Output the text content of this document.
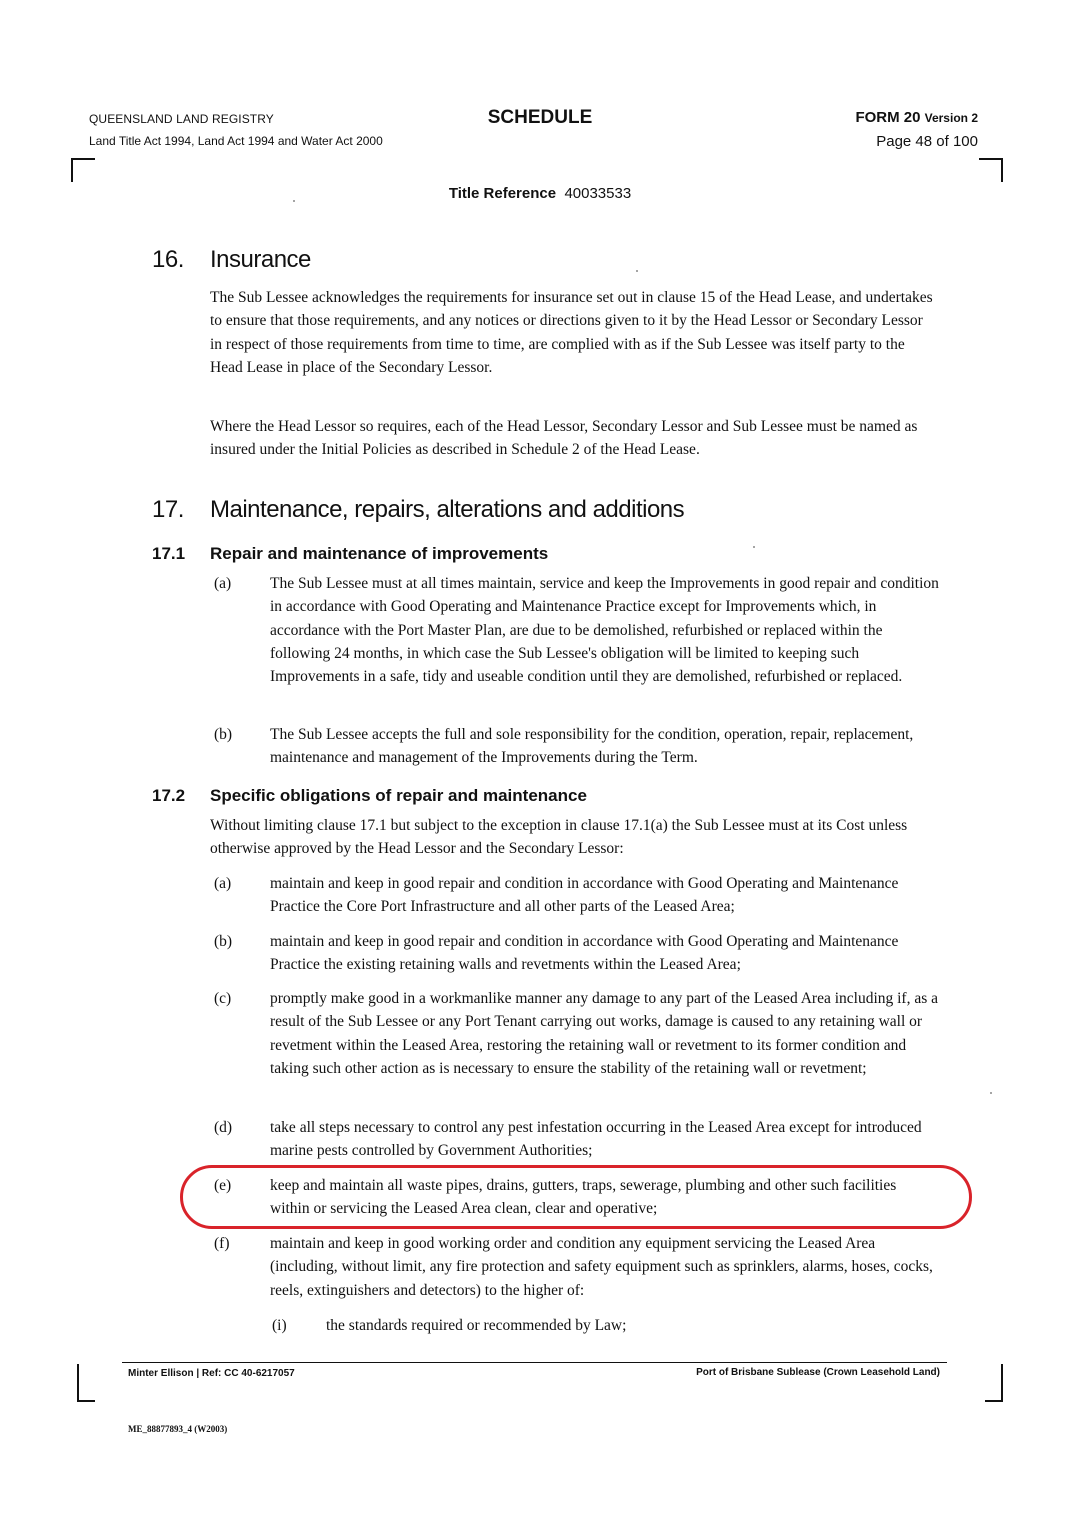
QUEENSLAND LAND REGISTRY
Land Title Act 1994, Land Act 1994 and Water Act 2000
SCHEDULE	FORM 20 Version 2
Page 48 of 100
Title Reference 40033533
16. Insurance

The Sub Lessee acknowledges the requirements for insurance set out in clause 15 of the Head Lease, and undertakes to ensure that those requirements, and any notices or directions given to it by the Head Lessor or Secondary Lessor in respect of those requirements from time to time, are complied with as if the Sub Lessee was itself party to the Head Lease in place of the Secondary Lessor.

Where the Head Lessor so requires, each of the Head Lessor, Secondary Lessor and Sub Lessee must be named as insured under the Initial Policies as described in Schedule 2 of the Head Lease.

17. Maintenance, repairs, alterations and additions
17.1 Repair and maintenance of improvements
(a)	The Sub Lessee must at all times maintain, service and keep the Improvements in good repair and condition in accordance with Good Operating and Maintenance Practice except for Improvements which, in accordance with the Port Master Plan, are due to be demolished, refurbished or replaced within the following 24 months, in which case the Sub Lessee's obligation will be limited to keeping such Improvements in a safe, tidy and useable condition until they are demolished, refurbished or replaced.
(b) The Sub Lessee accepts the full and sole responsibility for the condition, operation, repair, replacement, maintenance and management of the Improvements during the Term.
17.2 Specific obligations of repair and maintenance

Without limiting clause 17.1 but subject to the exception in clause 17.1(a) the Sub Lessee must at its Cost unless otherwise approved by the Head Lessor and the Secondary Lessor:

(a)	maintain and keep in good repair and condition in accordance with Good Operating and Maintenance Practice the Core Port Infrastructure and all other parts of the Leased Area;
(b) maintain and keep in good repair and condition in accordance with Good Operating and Maintenance Practice the existing retaining walls and revetments within the Leased Area;
(c)	promptly make good in a workmanlike manner any damage to any part of the Leased Area including if, as a result of the Sub Lessee or any Port Tenant carrying out works, damage is caused to any retaining wall or revetment within the Leased Area, restoring the retaining wall or revetment to its former condition and taking such other action as is necessary to ensure the stability of the retaining wall or revetment;
(d) take all steps necessary to control any pest infestation occurring in the Leased Area except for introduced marine pests controlled by Government Authorities;
(e)	keep and maintain all waste pipes, drains, gutters, traps, sewerage, plumbing and other such facilities within or servicing the Leased Area clean, clear and operative;
(f)	maintain and keep in good working order and condition any equipment servicing the Leased Area (including, without limit, any fire protection and safety equipment such as sprinklers, alarms, hoses, cocks, reels, extinguishers and detectors) to the higher of:
(i)	the standards required or recommended by Law;
Minter Ellison | Ref: CC 40-6217057	Port of Brisbane Sublease (Crown Leasehold Land)
ME_88877893_4 (W2003)
